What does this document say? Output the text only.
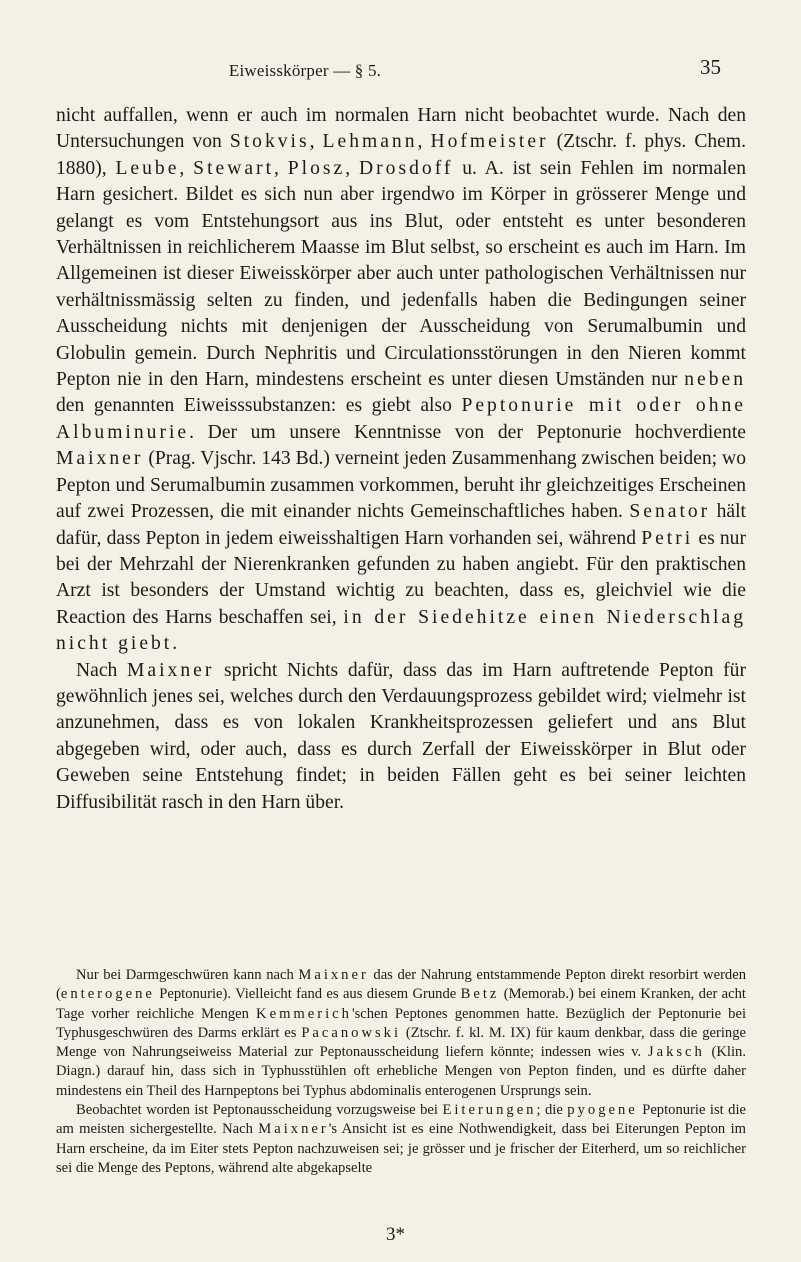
Eiweisskörper — § 5.	35

nicht auffallen, wenn er auch im normalen Harn nicht beobachtet wurde. Nach den Untersuchungen von Stokvis, Lehmann, Hofmeister (Ztschr. f. phys. Chem. 1880), Leube, Stewart, Plosz, Drosdoff u. A. ist sein Fehlen im normalen Harn gesichert. Bildet es sich nun aber irgendwo im Körper in grösserer Menge und gelangt es vom Entstehungsort aus ins Blut, oder entsteht es unter besonderen Verhältnissen in reichlicherem Maasse im Blut selbst, so erscheint es auch im Harn. Im Allgemeinen ist dieser Eiweisskörper aber auch unter pathologischen Verhältnissen nur verhältnissmässig selten zu finden, und jedenfalls haben die Bedingungen seiner Ausscheidung nichts mit denjenigen der Ausscheidung von Serumalbumin und Globulin gemein. Durch Nephritis und Circulationsstörungen in den Nieren kommt Pepton nie in den Harn, mindestens erscheint es unter diesen Umständen nur neben den genannten Eiweisssubstanzen: es giebt also Peptonurie mit oder ohne Albuminurie. Der um unsere Kenntnisse von der Peptonurie hochverdiente Maixner (Prag. Vjschr. 143 Bd.) verneint jeden Zusammenhang zwischen beiden; wo Pepton und Serumalbumin zusammen vorkommen, beruht ihr gleichzeitiges Erscheinen auf zwei Prozessen, die mit einander nichts Gemeinschaftliches haben. Senator hält dafür, dass Pepton in jedem eiweisshaltigen Harn vorhanden sei, während Petri es nur bei der Mehrzahl der Nierenkranken gefunden zu haben angiebt. Für den praktischen Arzt ist besonders der Umstand wichtig zu beachten, dass es, gleichviel wie die Reaction des Harns beschaffen sei, in der Siedehitze einen Niederschlag nicht giebt.

Nach Maixner spricht Nichts dafür, dass das im Harn auftretende Pepton für gewöhnlich jenes sei, welches durch den Verdauungsprozess gebildet wird; vielmehr ist anzunehmen, dass es von lokalen Krankheitsprozessen geliefert und ans Blut abgegeben wird, oder auch, dass es durch Zerfall der Eiweisskörper in Blut oder Geweben seine Entstehung findet; in beiden Fällen geht es bei seiner leichten Diffusibilität rasch in den Harn über.

Nur bei Darmgeschwüren kann nach Maixner das der Nahrung entstammende Pepton direkt resorbirt werden (enterogene Peptonurie). Vielleicht fand es aus diesem Grunde Betz (Memorab.) bei einem Kranken, der acht Tage vorher reichliche Mengen Kemmerich'schen Peptones genommen hatte. Bezüglich der Peptonurie bei Typhusgeschwüren des Darms erklärt es Pacanowski (Ztschr. f. kl. M. IX) für kaum denkbar, dass die geringe Menge von Nahrungseiweiss Material zur Peptonausscheidung liefern könnte; indessen wies v. Jaksch (Klin. Diagn.) darauf hin, dass sich in Typhusstühlen oft erhebliche Mengen von Pepton finden, und es dürfte daher mindestens ein Theil des Harnpeptons bei Typhus abdominalis enterogenen Ursprungs sein.

Beobachtet worden ist Peptonausscheidung vorzugsweise bei Eiterungen; die pyogene Peptonurie ist die am meisten sichergestellte. Nach Maixner's Ansicht ist es eine Nothwendigkeit, dass bei Eiterungen Pepton im Harn erscheine, da im Eiter stets Pepton nachzuweisen sei; je grösser und je frischer der Eiterherd, um so reichlicher sei die Menge des Peptons, während alte abgekapselte

3*
